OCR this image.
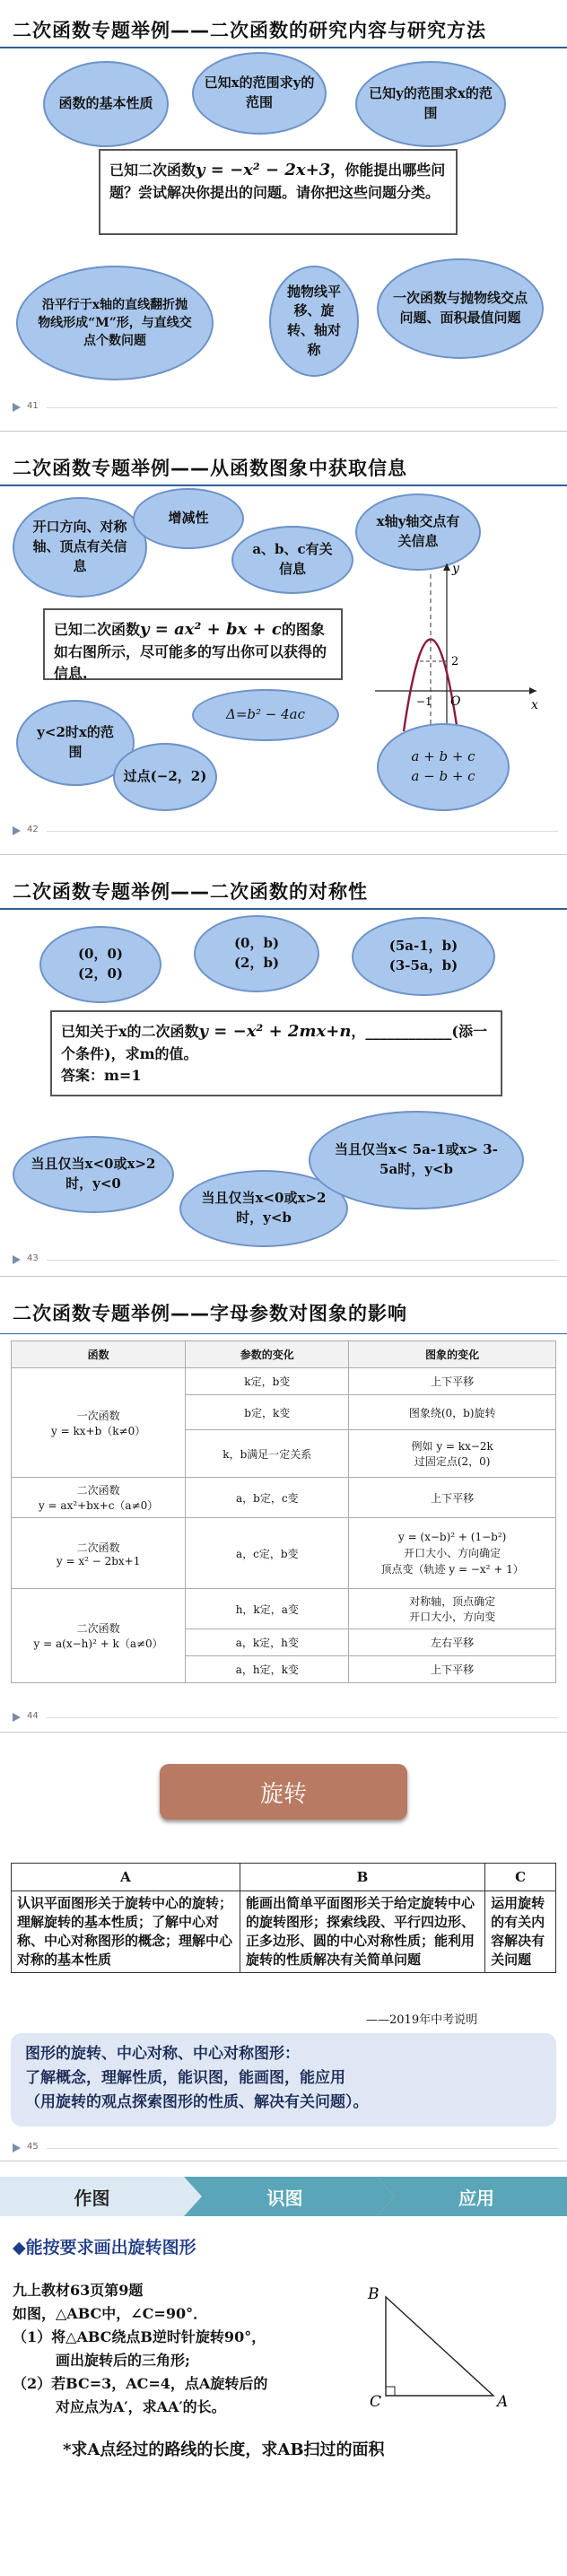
二次函数专题举例——二次函数的研究内容与研究方法
函数的基本性质
已知x的范围求y的范围
已知y的范围求x的范围
已知二次函数y = −x² − 2x+3，你能提出哪些问题？尝试解决你提出的问题。请你把这些问题分类。
沿平行于x轴的直线翻折抛物线形成“M”形，与直线交点个数问题
抛物线平移、旋转、轴对称
一次函数与抛物线交点问题、面积最值问题
41
二次函数专题举例——从函数图象中获取信息
开口方向、对称轴、顶点有关信息
增减性
a、b、c有关信息
x轴y轴交点有关信息
已知二次函数y = ax² + bx + c的图象如右图所示，尽可能多的写出你可以获得的信息.
y
x
O
2
−1
y<2时x的范围
过点(−2，2)
Δ=b² − 4ac
a + b + c
a − b + c
42
二次函数专题举例——二次函数的对称性
(0，0)
(2，0)
(0，b)
(2，b)
(5a-1，b)
(3-5a，b)
已知关于x的二次函数y = −x² + 2mx+n，____________(添一个条件)，求m的值。
答案：m=1
当且仅当x<0或x>2时，y<0
当且仅当x<0或x>2时，y<b
当且仅当x< 5a-1或x> 3-5a时，y<b
43
二次函数专题举例——字母参数对图象的影响
44
函数	参数的变化	图象的变化
一次函数
y = kx+b（k≠0）	k定，b变	上下平移
	b定，k变	图象绕(0，b)旋转
	k，b满足一定关系	例如 y = kx−2k
过固定点(2，0)

二次函数
y = ax²+bx+c（a≠0）	a，b定，c变	上下平移
二次函数
y = x² − 2bx+1	a，c定，b变	y = (x−b)² + (1−b²)
开口大小、方向确定
顶点变（轨迹 y = −x² + 1）
二次函数
y = a(x−h)² + k（a≠0）	h，k定，a变	对称轴，顶点确定
开口大小，方向变
	a，k定，h变	左右平移
	a，h定，k变	上下平移
45
旋转
A	B	C
认识平面图形关于旋转中心的旋转；理解旋转的基本性质；了解中心对称、中心对称图形的概念；理解中心对称的基本性质	能画出简单平面图形关于给定旋转中心的旋转图形；探索线段、平行四边形、正多边形、圆的中心对称性质；能利用旋转的性质解决有关简单问题	运用旋转的有关内容解决有关问题
——2019年中考说明
图形的旋转、中心对称、中心对称图形：
了解概念，理解性质，能识图，能画图，能应用
（用旋转的观点探索图形的性质、解决有关问题）。
作图	识图	应用
◆能按要求画出旋转图形
九上教材63页第9题
如图，△ABC中，∠C=90°．
（1）将△ABC绕点B逆时针旋转90°，
画出旋转后的三角形;
（2）若BC=3，AC=4，点A旋转后的
对应点为A′，求AA′的长。
B
C	A
*求A点经过的路线的长度，求AB扫过的面积
